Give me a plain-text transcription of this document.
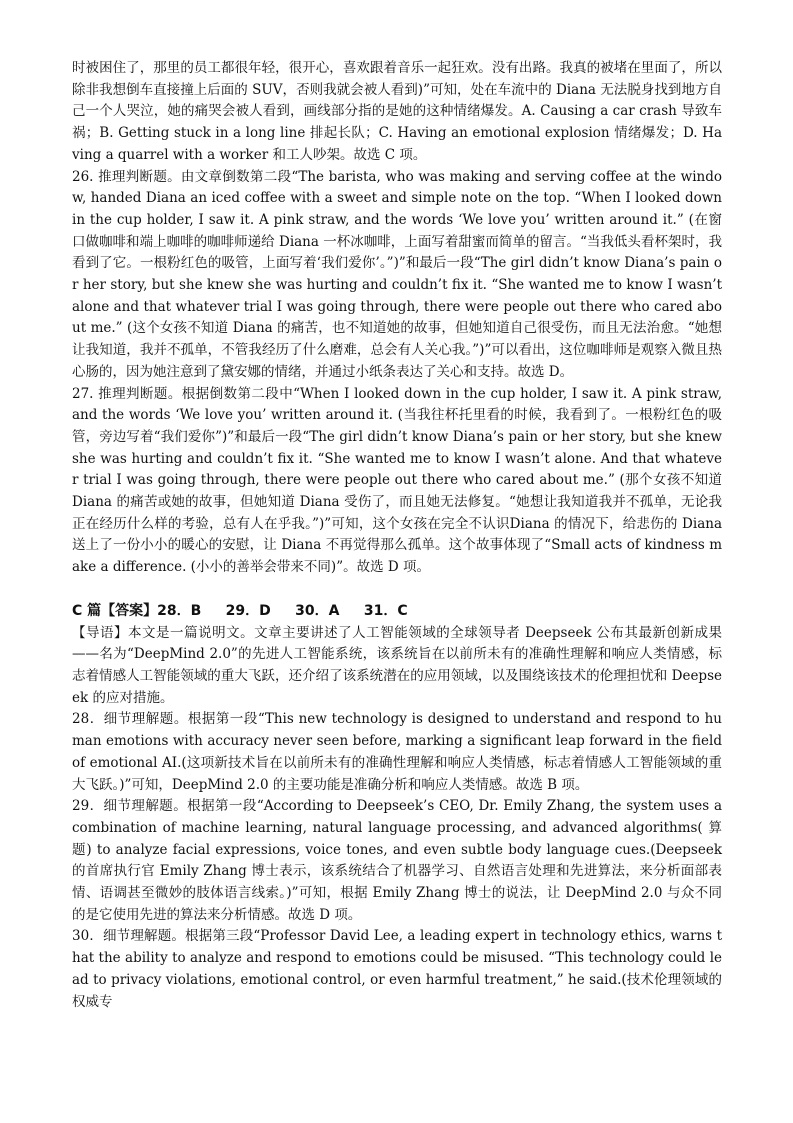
时被困住了，那里的员工都很年轻，很开心，喜欢跟着音乐一起狂欢。没有出路。我真的被堵在里面了，所以除非我想倒车直接撞上后面的 SUV，否则我就会被人看到)”可知，处在车流中的 Diana 无法脱身找到地方自己一个人哭泣，她的痛哭会被人看到，画线部分指的是她的这种情绪爆发。A. Causing a car crash 导致车祸；B. Getting stuck in a long line 排起长队；C. Having an emotional explosion 情绪爆发；D. Having a quarrel with a worker 和工人吵架。故选 C 项。

26. 推理判断题。由文章倒数第二段“The barista, who was making and serving coffee at the window, handed Diana an iced coffee with a sweet and simple note on the top. “When I looked down in the cup holder, I saw it. A pink straw, and the words ‘We love you’ written around it.” (在窗口做咖啡和端上咖啡的咖啡师递给 Diana 一杯冰咖啡，上面写着甜蜜而简单的留言。“当我低头看杯架时，我看到了它。一根粉红色的吸管，上面写着‘我们爱你’。”)”和最后一段“The girl didn’t know Diana’s pain or her story, but she knew she was hurting and couldn’t fix it. “She wanted me to know I wasn’t alone and that whatever trial I was going through, there were people out there who cared about me.” (这个女孩不知道 Diana 的痛苦，也不知道她的故事，但她知道自己很受伤，而且无法治愈。“她想让我知道，我并不孤单，不管我经历了什么磨难，总会有人关心我。”)”可以看出，这位咖啡师是观察入微且热心肠的，因为她注意到了黛安娜的情绪，并通过小纸条表达了关心和支持。故选 D。

27. 推理判断题。根据倒数第二段中“When I looked down in the cup holder, I saw it. A pink straw, and the words ‘We love you’ written around it. (当我往杯托里看的时候，我看到了。一根粉红色的吸管，旁边写着“我们爱你”)”和最后一段“The girl didn’t know Diana’s pain or her story, but she knew she was hurting and couldn’t fix it. “She wanted me to know I wasn’t alone. And that whatever trial I was going through, there were people out there who cared about me.” (那个女孩不知道 Diana 的痛苦或她的故事，但她知道 Diana 受伤了，而且她无法修复。“她想让我知道我并不孤单，无论我正在经历什么样的考验，总有人在乎我。”)”可知，这个女孩在完全不认识Diana 的情况下，给悲伤的 Diana 送上了一份小小的暖心的安慰，让 Diana 不再觉得那么孤单。这个故事体现了“Small acts of kindness make a difference. (小小的善举会带来不同)”。故选 D 项。

C 篇【答案】28．B     29．D     30．A     31．C

【导语】本文是一篇说明文。文章主要讲述了人工智能领域的全球领导者 Deepseek 公布其最新创新成果——名为“DeepMind 2.0”的先进人工智能系统，该系统旨在以前所未有的准确性理解和响应人类情感，标志着情感人工智能领域的重大飞跃，还介绍了该系统潜在的应用领域，以及围绕该技术的伦理担忧和 Deepseek 的应对措施。

28．细节理解题。根据第一段“This new technology is designed to understand and respond to human emotions with accuracy never seen before, marking a significant leap forward in the field of emotional AI.(这项新技术旨在以前所未有的准确性理解和响应人类情感，标志着情感人工智能领域的重大飞跃。)”可知，DeepMind 2.0 的主要功能是准确分析和响应人类情感。故选 B 项。

29．细节理解题。根据第一段“According to Deepseek’s CEO, Dr. Emily Zhang, the system uses a combination of machine learning, natural language processing, and advanced algorithms( 算题) to analyze facial expressions, voice tones, and even subtle body language cues.(Deepseek 的首席执行官 Emily Zhang 博士表示，该系统结合了机器学习、自然语言处理和先进算法，来分析面部表情、语调甚至微妙的肢体语言线索。)”可知，根据 Emily Zhang 博士的说法，让 DeepMind 2.0 与众不同的是它使用先进的算法来分析情感。故选 D 项。

30．细节理解题。根据第三段“Professor David Lee, a leading expert in technology ethics, warns that the ability to analyze and respond to emotions could be misused. “This technology could lead to privacy violations, emotional control, or even harmful treatment,” he said.(技术伦理领域的权威专
